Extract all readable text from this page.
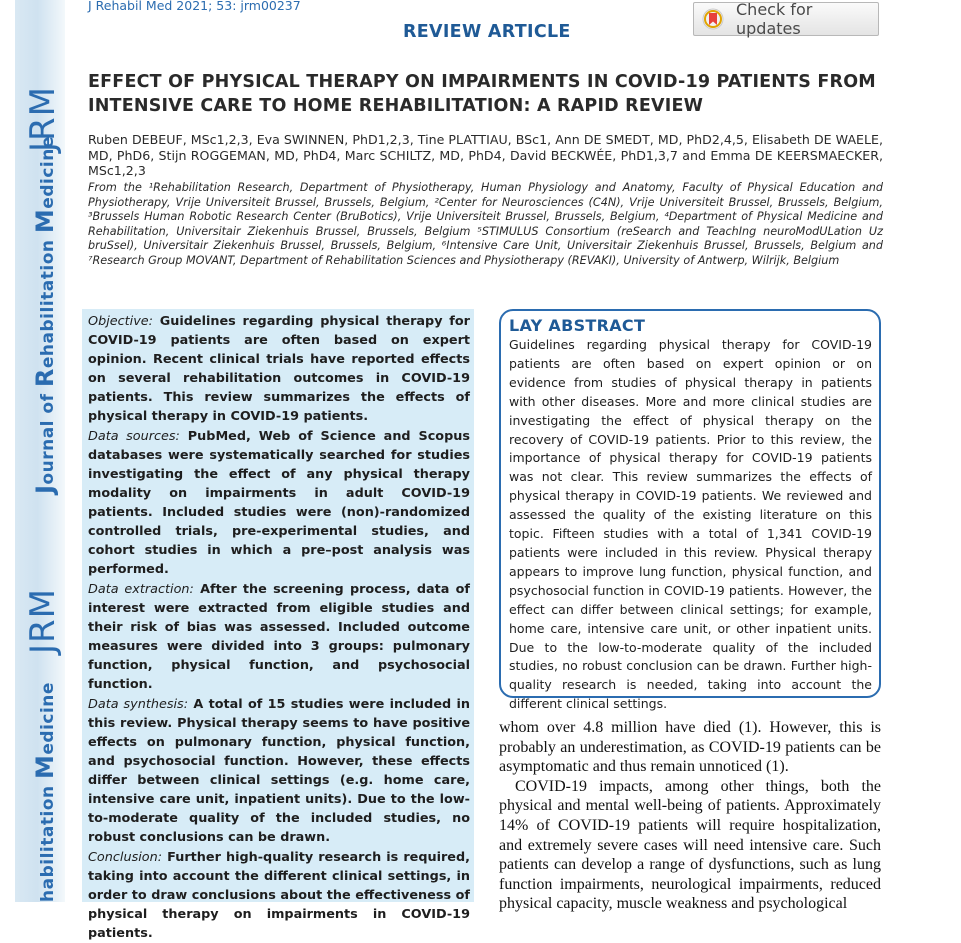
JRM
Journal of Rehabilitation Medicine
JRM
habilitation Medicine
J Rehabil Med 2021; 53: jrm00237
REVIEW ARTICLE
Check for updates
EFFECT OF PHYSICAL THERAPY ON IMPAIRMENTS IN COVID-19 PATIENTS FROM INTENSIVE CARE TO HOME REHABILITATION: A RAPID REVIEW
Ruben DEBEUF, MSc1,2,3, Eva SWINNEN, PhD1,2,3, Tine PLATTIAU, BSc1, Ann DE SMEDT, MD, PhD2,4,5, Elisabeth DE WAELE, MD, PhD6, Stijn ROGGEMAN, MD, PhD4, Marc SCHILTZ, MD, PhD4, David BECKWÉE, PhD1,3,7 and Emma DE KEERSMAECKER, MSc1,2,3
From the ¹Rehabilitation Research, Department of Physiotherapy, Human Physiology and Anatomy, Faculty of Physical Education and Physiotherapy, Vrije Universiteit Brussel, Brussels, Belgium, ²Center for Neurosciences (C4N), Vrije Universiteit Brussel, Brussels, Belgium, ³Brussels Human Robotic Research Center (BruBotics), Vrije Universiteit Brussel, Brussels, Belgium, ⁴Department of Physical Medicine and Rehabilitation, Universitair Ziekenhuis Brussel, Brussels, Belgium ⁵STIMULUS Consortium (reSearch and TeachIng neuroModULation Uz bruSsel), Universitair Ziekenhuis Brussel, Brussels, Belgium, ⁶Intensive Care Unit, Universitair Ziekenhuis Brussel, Brussels, Belgium and ⁷Research Group MOVANT, Department of Rehabilitation Sciences and Physiotherapy (REVAKI), University of Antwerp, Wilrijk, Belgium

Objective: Guidelines regarding physical therapy for COVID-19 patients are often based on expert opinion. Recent clinical trials have reported effects on several rehabilitation outcomes in COVID-19 patients. This review summarizes the effects of physical therapy in COVID-19 patients.

Data sources: PubMed, Web of Science and Scopus databases were systematically searched for studies investigating the effect of any physical therapy modality on impairments in adult COVID-19 patients. Included studies were (non)-randomized controlled trials, pre-experimental studies, and cohort studies in which a pre–post analysis was performed.

Data extraction: After the screening process, data of interest were extracted from eligible studies and their risk of bias was assessed. Included outcome measures were divided into 3 groups: pulmonary function, physical function, and psychosocial function.

Data synthesis: A total of 15 studies were included in this review. Physical therapy seems to have positive effects on pulmonary function, physical function, and psychosocial function. However, these effects differ between clinical settings (e.g. home care, intensive care unit, inpatient units). Due to the low-to-moderate quality of the included studies, no robust conclusions can be drawn.

Conclusion: Further high-quality research is required, taking into account the different clinical settings, in order to draw conclusions about the effectiveness of physical therapy on impairments in COVID-19 patients.

LAY ABSTRACT

Guidelines regarding physical therapy for COVID-19 patients are often based on expert opinion or on evidence from studies of physical therapy in patients with other diseases. More and more clinical studies are investigating the effect of physical therapy on the recovery of COVID-19 patients. Prior to this review, the importance of physical therapy for COVID-19 patients was not clear. This review summarizes the effects of physical therapy in COVID-19 patients. We reviewed and assessed the quality of the existing literature on this topic. Fifteen studies with a total of 1,341 COVID-19 patients were included in this review. Physical therapy appears to improve lung function, physical function, and psychosocial function in COVID-19 patients. However, the effect can differ between clinical settings; for example, home care, intensive care unit, or other inpatient units. Due to the low-to-moderate quality of the included studies, no robust conclusion can be drawn. Further high-quality research is needed, taking into account the different clinical settings.

whom over 4.8 million have died (1). However, this is probably an underestimation, as COVID-19 patients can be asymptomatic and thus remain unnoticed (1).

COVID-19 impacts, among other things, both the physical and mental well-being of patients. Approximately 14% of COVID-19 patients will require hospitalization, and extremely severe cases will need intensive care. Such patients can develop a range of dysfunctions, such as lung function impairments, neurological impairments, reduced physical capacity, muscle weakness and psychological
